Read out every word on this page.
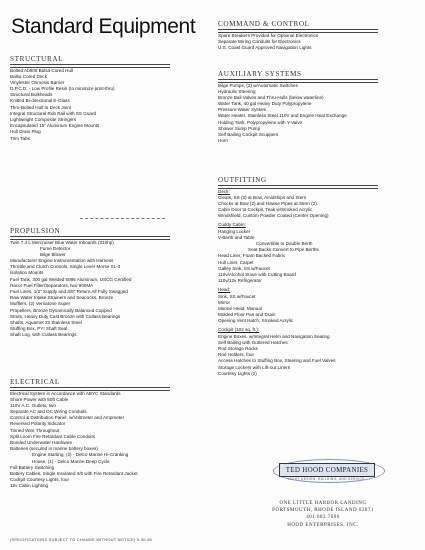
Standard Equipment
STRUCTURAL
Bolted Ab600 Balsa Cored Hull
Balsa Cored Deck
Vinylester Osmosis Barrier
D.P.C.D. - Low Profile Resin (to minimize print-thru)
Structural Bulkheads
Knitted Bi-directional E-Glass
Thru-Bolted Hull to Deck Joint
Integral Structural Rub Rail with SS Guard
Lightweight Composite Stringers
Encapsulated 15" Aluminum Engine Mounts
Hull Drain Plug
Trim Tabs
PROPULSION
Twin 7.4 L Mercruiser Blue Water Inboards (310hp)
Fume Detector
Bilge Blower
Manufacturer Engine Instrumentation with Harness
Throttle and Clutch Controls, Single Lever Morse SL-3
Isolation Mounts
Fuel Tank, 300 gal Welded 5086 Aluminum, USCG Certified
Racor Fuel Filter/Separators, two 900MA
Fuel Lines, 1/2" Supply and 3/8" Return All Fully Swagged
Raw Water Intake Strainers and Seacocks, Bronze
Mufflers, (2) Vernatone Super
Propellers, Bronze Dynamically Balanced Cupped
Struts, Heavy Duty Cast Bronze with Cutlass Bearings
Shafts, Aquamet 22 Stainless Steel
Stuffing Box, PYI Shaft Seal
Shaft Log, with Cutlass Bearings
ELECTRICAL
Electrical System in Accordance with ABYC Standards
Shore Power with 50ft Cable
110V A.C. Outlets, two
Separate AC and DC Wiring Conduits
Control & Distribution Panel, w/Voltmeter and Ampmeter
Reversed Polarity Indicator
Tinned Wire Throughout
Split Loom Fire Retardant Cable Conduits
Bonded Underwater Hardware
Batteries (secured in marine battery boxes)
Engine Starting, (2) - Delco Marine Hi-Cranking
House, (1) - Delco Marine Deep Cycle
Full Battery Switching
Battery Cables, Single Insulated 4/0 with Fire Retardant Jacket
Cockpit Courtesy Lights, four
12v Cabin Lighting
COMMAND & CONTROL
Spare Breakers Provided for Optional Electronics
Separate Wiring Conduits for Electronics
U.S. Coast Guard Approved Navigation Lights
AUXILIARY SYSTEMS
Bilge Pumps, (2) w/Automatic Switches
Hydraulic Steering
Bronze Ball Valves and Thru-Hulls (below waterline)
Water Tank, 40 gal Heavy Duty Polypropylene
Pressure Water System
Water Heater, Stainless Steel,110V and Engine Heat Exchange
Holding Tank, Polypropylene with Y-Valve
Shower Sump Pump
Self Bailing Cockpit Scuppers
Horn
OUTFITTING
Deck:
Cleats, SS (2) at Bow, Amidships and Stern
Chocks at Bow (2) and Hawse Pipes at Stern (2)
Cabin Door to Cockpit, Teak w/Smoked Acrylic
Windshield, Custom Powder Coated (Center Opening)
Cuddy Cabin:
Hanging Locker
V-Berth and Table
Convertible to Double Berth
Seat Backs Convert to Pipe Berths
Head Liner, Foam Backed Fabric
Hull Liner, Carpet
Galley Sink, SS w/Faucet
110v/Alcohol Stove with Cutting Board
110v/12v Refrigerator
Head:
Sink, SS w/Faucet
Mirror
Marine Head, Manual
Molded Floor Pan and Drain
Opening Vent Hatch, Smoked Acrylic
Cockpit (102 sq. ft.):
Engine Boxes, w/Integral Helm and Navigation Seating
Self Bailing with Guttered Hatches
Rod Storage Racks
Rod Holders, four
Access Hatches to Stuffing Box, Steering and Fuel Valves
Storage Lockers with Lift-out Liners
Courtesy Lights (2)
TED HOOD COMPANIES
YACHT DESIGN, BUILDING, AND SERVICE
ONE LITTLE HARBOR LANDING
PORTSMOUTH, RHODE ISLAND 02871
401.683.7000
HOOD ENTERPRISES, INC.
(SPECIFICATIONS SUBJECT TO CHANGE WITHOUT NOTICE) 9-30-95
